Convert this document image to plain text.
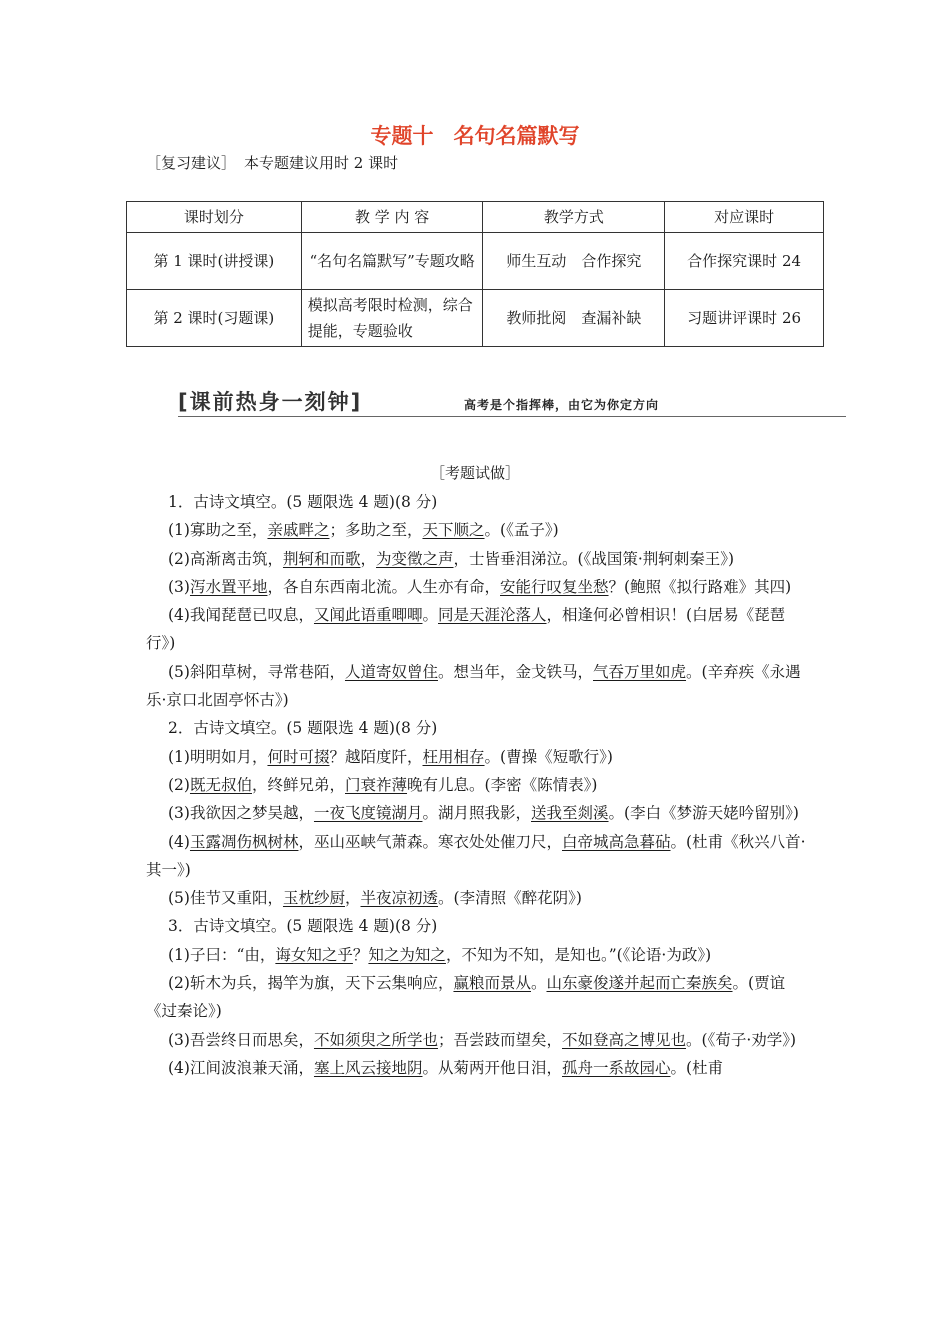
专题十 名句名篇默写
［复习建议］ 本专题建议用时 2 课时
课时划分	教 学 内 容	教学方式	对应课时
第 1 课时(讲授课)	“名句名篇默写”专题攻略	师生互动　合作探究	合作探究课时 24
第 2 课时(习题课)	模拟高考限时检测，综合提能，专题验收	教师批阅　查漏补缺	习题讲评课时 26
[课前热身一刻钟]	高考是个指挥棒，由它为你定方向
［考题试做］

1．古诗文填空。(5 题限选 4 题)(8 分)

(1)寡助之至，亲戚畔之；多助之至，天下顺之。(《孟子》)

(2)高渐离击筑，荆轲和而歌，为变徵之声，士皆垂泪涕泣。(《战国策·荆轲刺秦王》)

(3)泻水置平地，各自东西南北流。人生亦有命，安能行叹复坐愁？(鲍照《拟行路难》其四)

(4)我闻琵琶已叹息，又闻此语重唧唧。同是天涯沦落人，相逢何必曾相识！(白居易《琵琶行》)

(5)斜阳草树，寻常巷陌，人道寄奴曾住。想当年，金戈铁马，气吞万里如虎。(辛弃疾《永遇乐·京口北固亭怀古》)

2．古诗文填空。(5 题限选 4 题)(8 分)

(1)明明如月，何时可掇？越陌度阡，枉用相存。(曹操《短歌行》)

(2)既无叔伯，终鲜兄弟，门衰祚薄晚有儿息。(李密《陈情表》)

(3)我欲因之梦吴越，一夜飞度镜湖月。湖月照我影，送我至剡溪。(李白《梦游天姥吟留别》)

(4)玉露凋伤枫树林，巫山巫峡气萧森。寒衣处处催刀尺，白帝城高急暮砧。(杜甫《秋兴八首·其一》)

(5)佳节又重阳，玉枕纱厨，半夜凉初透。(李清照《醉花阴》)

3．古诗文填空。(5 题限选 4 题)(8 分)

(1)子曰：“由，诲女知之乎？知之为知之，不知为不知，是知也。”(《论语·为政》)

(2)斩木为兵，揭竿为旗，天下云集响应，赢粮而景从。山东豪俊遂并起而亡秦族矣。(贾谊《过秦论》)

(3)吾尝终日而思矣，不如须臾之所学也；吾尝跂而望矣，不如登高之博见也。(《荀子·劝学》)

(4)江间波浪兼天涌，塞上风云接地阴。从菊两开他日泪，孤舟一系故园心。(杜甫
